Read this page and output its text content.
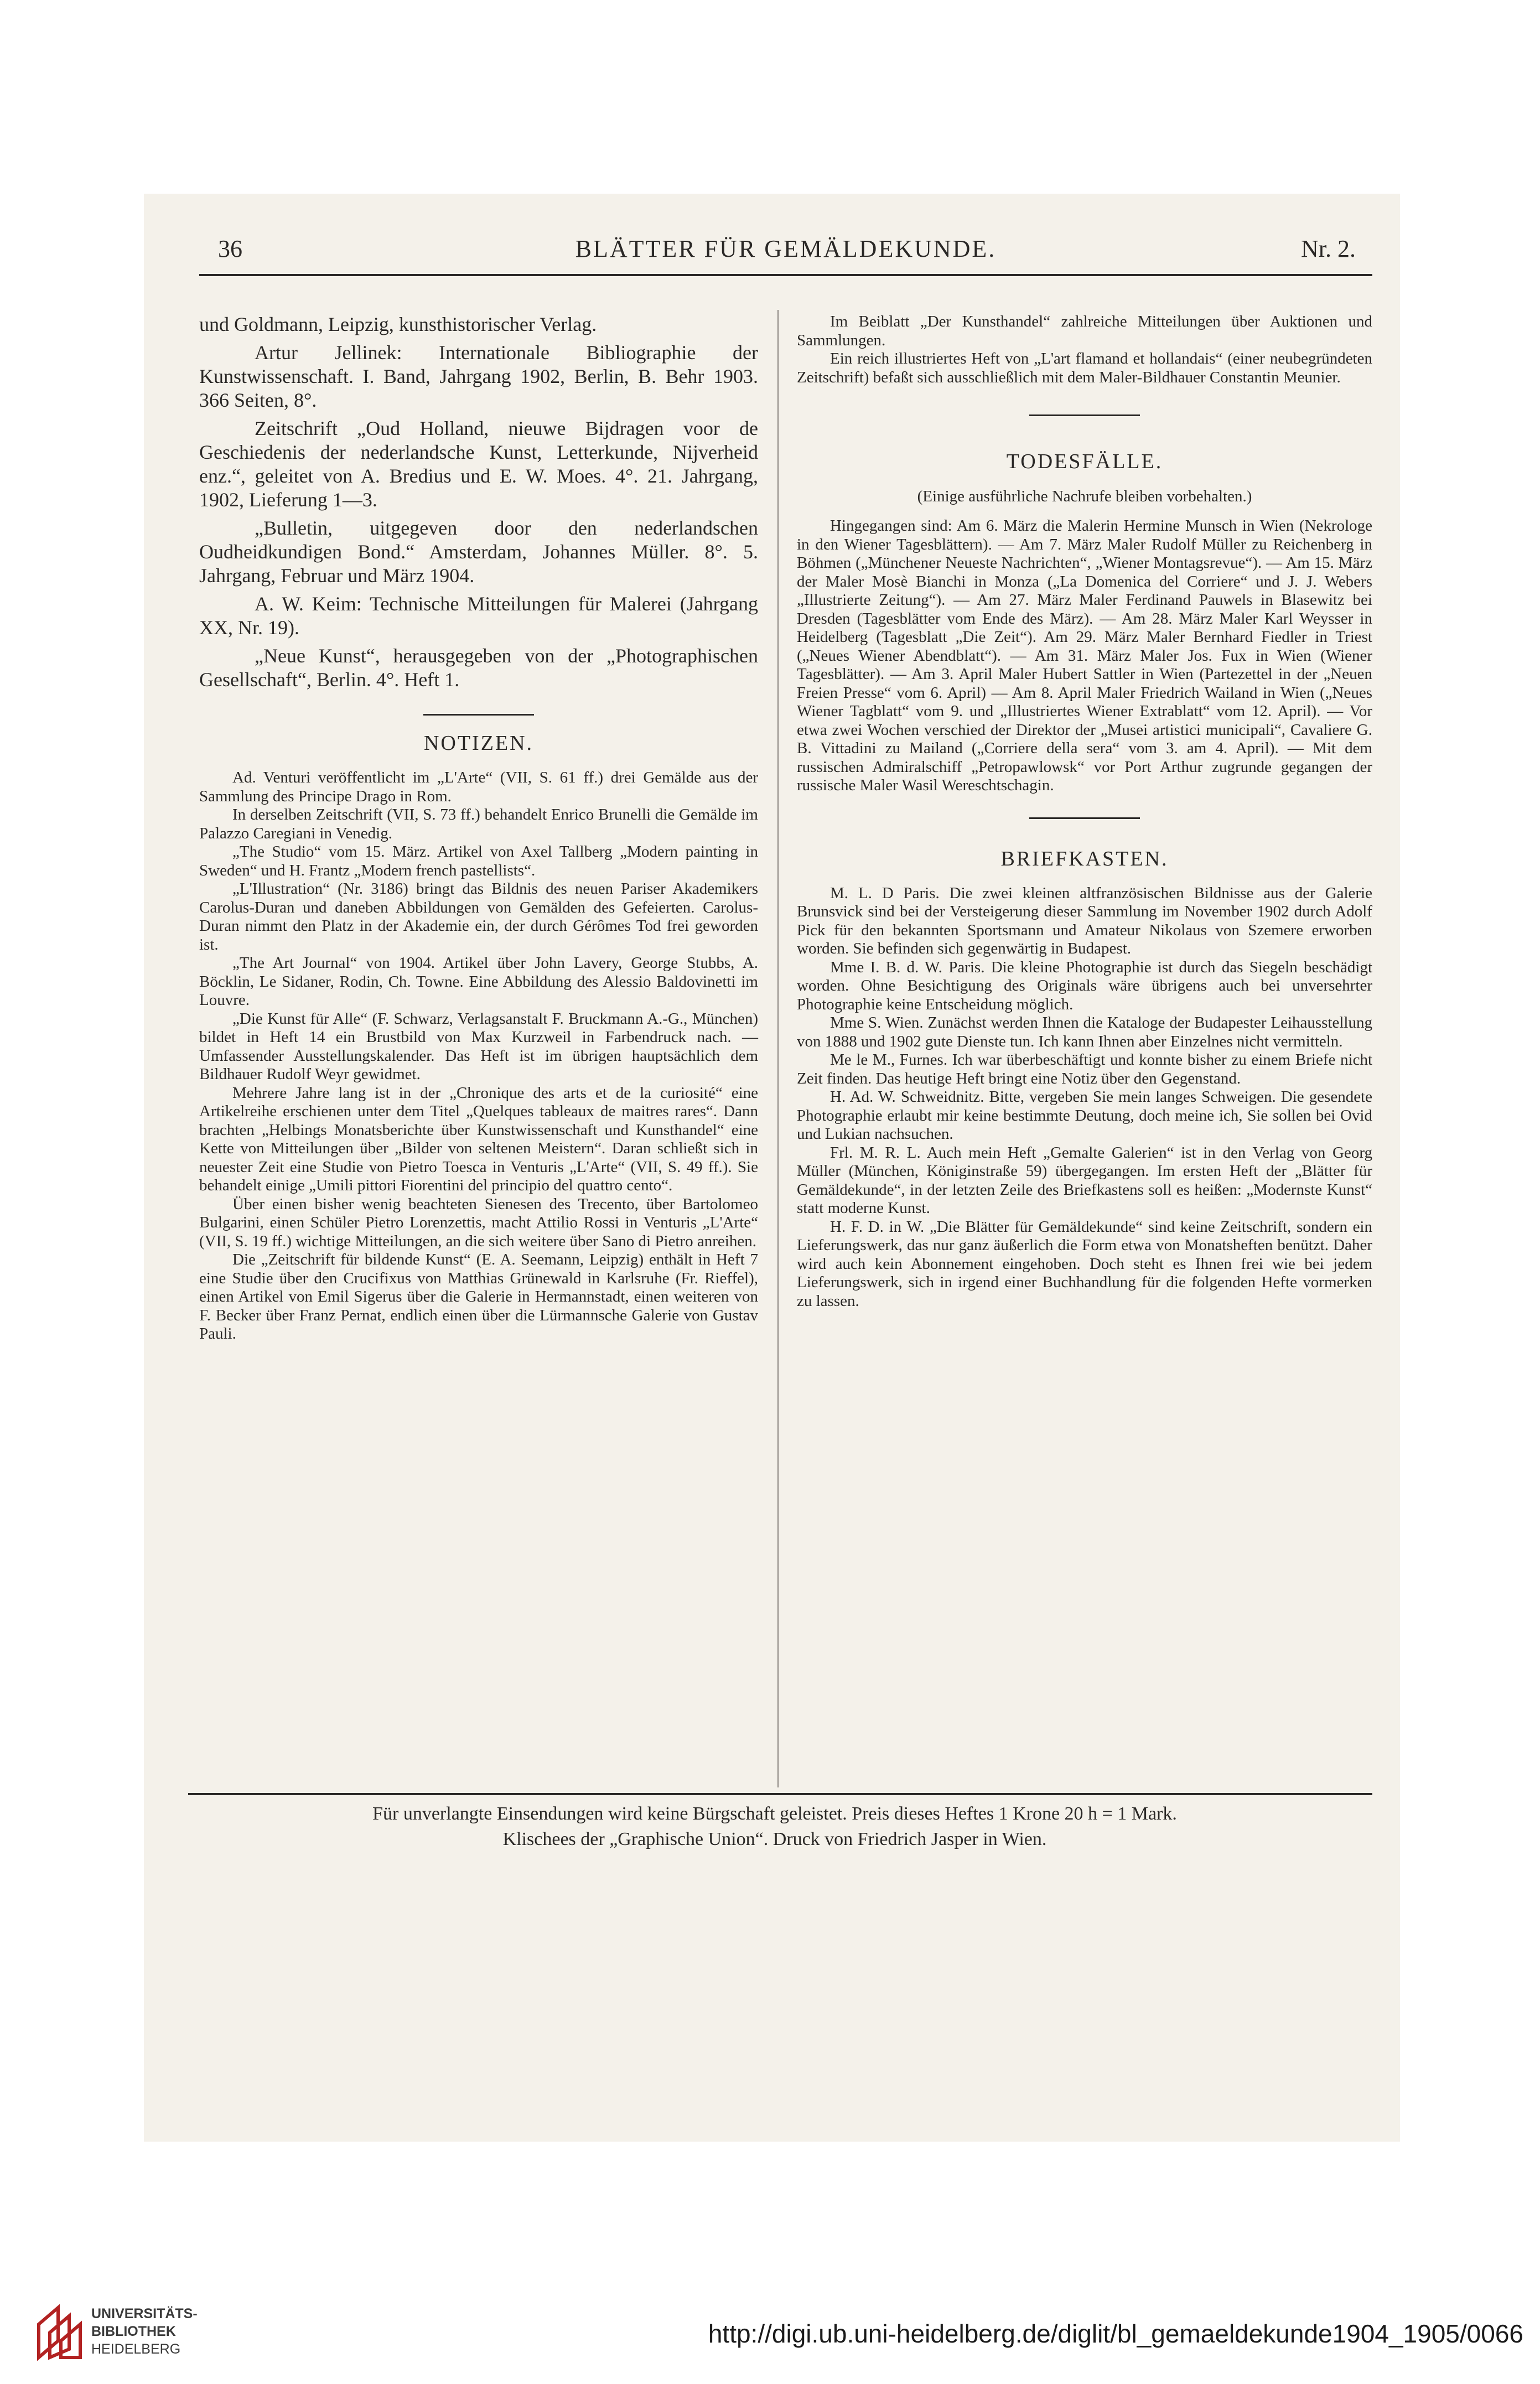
36	BLÄTTER FÜR GEMÄLDEKUNDE.	Nr. 2.

und Goldmann, Leipzig, kunsthistorischer Verlag.

Artur Jellinek: Internationale Bibliographie der Kunstwissenschaft. I. Band, Jahrgang 1902, Berlin, B. Behr 1903. 366 Seiten, 8°.

Zeitschrift „Oud Holland, nieuwe Bijdragen voor de Geschiedenis der nederlandsche Kunst, Letterkunde, Nijverheid enz.“, geleitet von A. Bredius und E. W. Moes. 4°. 21. Jahrgang, 1902, Lieferung 1—3.

„Bulletin, uitgegeven door den nederlandschen Oudheidkundigen Bond.“ Amsterdam, Johannes Müller. 8°. 5. Jahrgang, Februar und März 1904.

A. W. Keim: Technische Mitteilungen für Malerei (Jahrgang XX, Nr. 19).

„Neue Kunst“, herausgegeben von der „Photographischen Gesellschaft“, Berlin. 4°. Heft 1.

NOTIZEN.

Ad. Venturi veröffentlicht im „L'Arte“ (VII, S. 61 ff.) drei Gemälde aus der Sammlung des Principe Drago in Rom.

In derselben Zeitschrift (VII, S. 73 ff.) behandelt Enrico Brunelli die Gemälde im Palazzo Caregiani in Venedig.

„The Studio“ vom 15. März. Artikel von Axel Tallberg „Modern painting in Sweden“ und H. Frantz „Modern french pastellists“.

„L'Illustration“ (Nr. 3186) bringt das Bildnis des neuen Pariser Akademikers Carolus-Duran und daneben Abbildungen von Gemälden des Gefeierten. Carolus-Duran nimmt den Platz in der Akademie ein, der durch Gérômes Tod frei geworden ist.

„The Art Journal“ von 1904. Artikel über John Lavery, George Stubbs, A. Böcklin, Le Sidaner, Rodin, Ch. Towne. Eine Abbildung des Alessio Baldovinetti im Louvre.

„Die Kunst für Alle“ (F. Schwarz, Verlagsanstalt F. Bruckmann A.-G., München) bildet in Heft 14 ein Brustbild von Max Kurzweil in Farbendruck nach. — Umfassender Ausstellungskalender. Das Heft ist im übrigen hauptsächlich dem Bildhauer Rudolf Weyr gewidmet.

Mehrere Jahre lang ist in der „Chronique des arts et de la curiosité“ eine Artikelreihe erschienen unter dem Titel „Quelques tableaux de maitres rares“. Dann brachten „Helbings Monatsberichte über Kunstwissenschaft und Kunsthandel“ eine Kette von Mitteilungen über „Bilder von seltenen Meistern“. Daran schließt sich in neuester Zeit eine Studie von Pietro Toesca in Venturis „L'Arte“ (VII, S. 49 ff.). Sie behandelt einige „Umili pittori Fiorentini del principio del quattro cento“.

Über einen bisher wenig beachteten Sienesen des Trecento, über Bartolomeo Bulgarini, einen Schüler Pietro Lorenzettis, macht Attilio Rossi in Venturis „L'Arte“ (VII, S. 19 ff.) wichtige Mitteilungen, an die sich weitere über Sano di Pietro anreihen.

Die „Zeitschrift für bildende Kunst“ (E. A. Seemann, Leipzig) enthält in Heft 7 eine Studie über den Crucifixus von Matthias Grünewald in Karlsruhe (Fr. Rieffel), einen Artikel von Emil Sigerus über die Galerie in Hermannstadt, einen weiteren von F. Becker über Franz Pernat, endlich einen über die Lürmannsche Galerie von Gustav Pauli.

Im Beiblatt „Der Kunsthandel“ zahlreiche Mitteilungen über Auktionen und Sammlungen.

Ein reich illustriertes Heft von „L'art flamand et hollandais“ (einer neubegründeten Zeitschrift) befaßt sich ausschließlich mit dem Maler-Bildhauer Constantin Meunier.

TODESFÄLLE.
(Einige ausführliche Nachrufe bleiben vorbehalten.)

Hingegangen sind: Am 6. März die Malerin Hermine Munsch in Wien (Nekrologe in den Wiener Tagesblättern). — Am 7. März Maler Rudolf Müller zu Reichenberg in Böhmen („Münchener Neueste Nachrichten“, „Wiener Montagsrevue“). — Am 15. März der Maler Mosè Bianchi in Monza („La Domenica del Corriere“ und J. J. Webers „Illustrierte Zeitung“). — Am 27. März Maler Ferdinand Pauwels in Blasewitz bei Dresden (Tagesblätter vom Ende des März). — Am 28. März Maler Karl Weysser in Heidelberg (Tagesblatt „Die Zeit“). Am 29. März Maler Bernhard Fiedler in Triest („Neues Wiener Abendblatt“). — Am 31. März Maler Jos. Fux in Wien (Wiener Tagesblätter). — Am 3. April Maler Hubert Sattler in Wien (Partezettel in der „Neuen Freien Presse“ vom 6. April) — Am 8. April Maler Friedrich Wailand in Wien („Neues Wiener Tagblatt“ vom 9. und „Illustriertes Wiener Extrablatt“ vom 12. April). — Vor etwa zwei Wochen verschied der Direktor der „Musei artistici municipali“, Cavaliere G. B. Vittadini zu Mailand („Corriere della sera“ vom 3. am 4. April). — Mit dem russischen Admiralschiff „Petropawlowsk“ vor Port Arthur zugrunde gegangen der russische Maler Wasil Wereschtschagin.

BRIEFKASTEN.

M. L. D Paris. Die zwei kleinen altfranzösischen Bildnisse aus der Galerie Brunsvick sind bei der Versteigerung dieser Sammlung im November 1902 durch Adolf Pick für den bekannten Sportsmann und Amateur Nikolaus von Szemere erworben worden. Sie befinden sich gegenwärtig in Budapest.

Mme I. B. d. W. Paris. Die kleine Photographie ist durch das Siegeln beschädigt worden. Ohne Besichtigung des Originals wäre übrigens auch bei unversehrter Photographie keine Entscheidung möglich.

Mme S. Wien. Zunächst werden Ihnen die Kataloge der Budapester Leihausstellung von 1888 und 1902 gute Dienste tun. Ich kann Ihnen aber Einzelnes nicht vermitteln.

Me le M., Furnes. Ich war überbeschäftigt und konnte bisher zu einem Briefe nicht Zeit finden. Das heutige Heft bringt eine Notiz über den Gegenstand.

H. Ad. W. Schweidnitz. Bitte, vergeben Sie mein langes Schweigen. Die gesendete Photographie erlaubt mir keine bestimmte Deutung, doch meine ich, Sie sollen bei Ovid und Lukian nachsuchen.

Frl. M. R. L. Auch mein Heft „Gemalte Galerien“ ist in den Verlag von Georg Müller (München, Königinstraße 59) übergegangen. Im ersten Heft der „Blätter für Gemäldekunde“, in der letzten Zeile des Briefkastens soll es heißen: „Modernste Kunst“ statt moderne Kunst.

H. F. D. in W. „Die Blätter für Gemäldekunde“ sind keine Zeitschrift, sondern ein Lieferungswerk, das nur ganz äußerlich die Form etwa von Monatsheften benützt. Daher wird auch kein Abonnement eingehoben. Doch steht es Ihnen frei wie bei jedem Lieferungswerk, sich in irgend einer Buchhandlung für die folgenden Hefte vormerken zu lassen.

Für unverlangte Einsendungen wird keine Bürgschaft geleistet. Preis dieses Heftes 1 Krone 20 h = 1 Mark.
Klischees der „Graphische Union“. Druck von Friedrich Jasper in Wien.
UNIVERSITÄTS-
BIBLIOTHEK
HEIDELBERG
http://digi.ub.uni-heidelberg.de/diglit/bl_gemaeldekunde1904_1905/0066
